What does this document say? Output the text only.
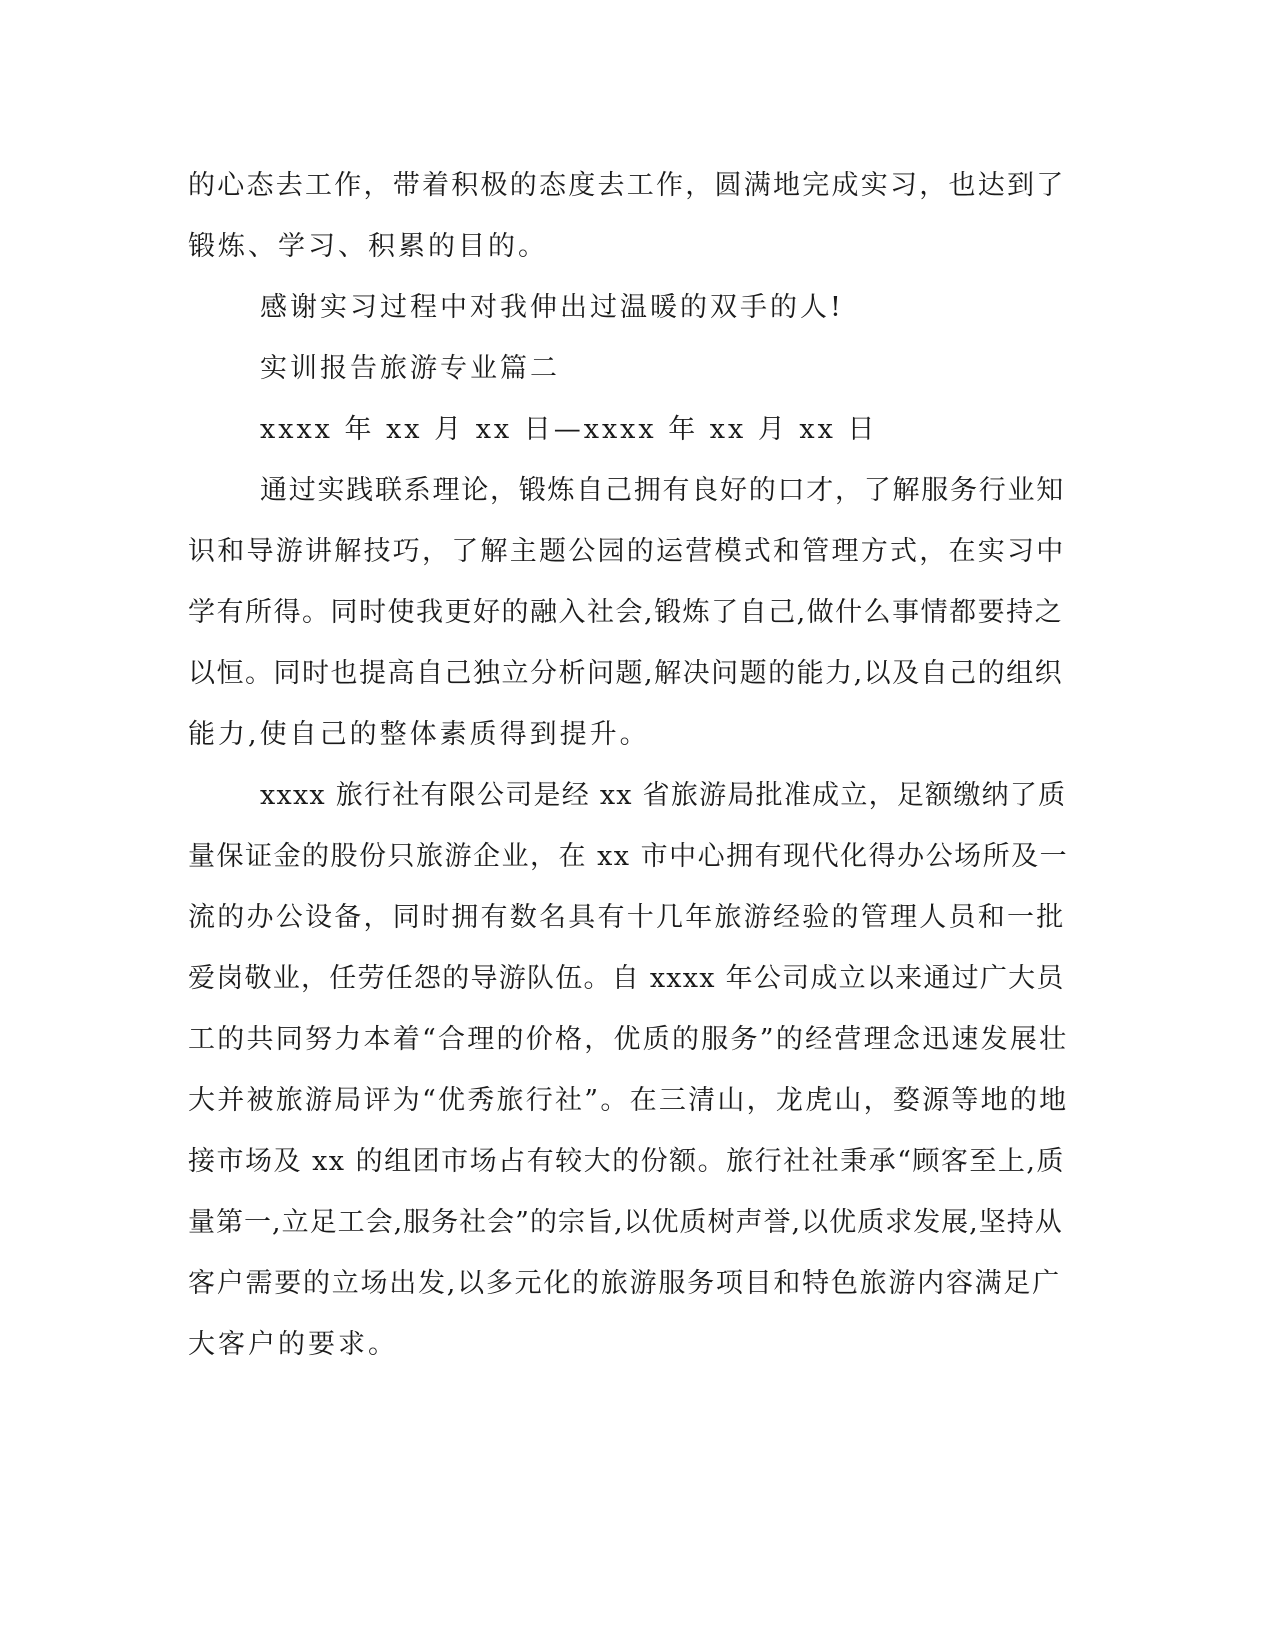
的心态去工作，带着积极的态度去工作，圆满地完成实习，也达到了
锻炼、学习、积累的目的。
感谢实习过程中对我伸出过温暖的双手的人!
实训报告旅游专业篇二
xxxx 年 xx 月 xx 日—xxxx 年 xx 月 xx 日
通过实践联系理论，锻炼自己拥有良好的口才，了解服务行业知
识和导游讲解技巧，了解主题公园的运营模式和管理方式，在实习中
学有所得。同时使我更好的融入社会,锻炼了自己,做什么事情都要持之
以恒。同时也提高自己独立分析问题,解决问题的能力,以及自己的组织
能力,使自己的整体素质得到提升。
xxxx 旅行社有限公司是经 xx 省旅游局批准成立，足额缴纳了质
量保证金的股份只旅游企业，在 xx 市中心拥有现代化得办公场所及一
流的办公设备，同时拥有数名具有十几年旅游经验的管理人员和一批
爱岗敬业，任劳任怨的导游队伍。自 xxxx 年公司成立以来通过广大员
工的共同努力本着“合理的价格，优质的服务”的经营理念迅速发展壮
大并被旅游局评为“优秀旅行社”。在三清山，龙虎山，婺源等地的地
接市场及 xx 的组团市场占有较大的份额。旅行社社秉承“顾客至上,质
量第一,立足工会,服务社会”的宗旨,以优质树声誉,以优质求发展,坚持从
客户需要的立场出发,以多元化的旅游服务项目和特色旅游内容满足广
大客户的要求。
